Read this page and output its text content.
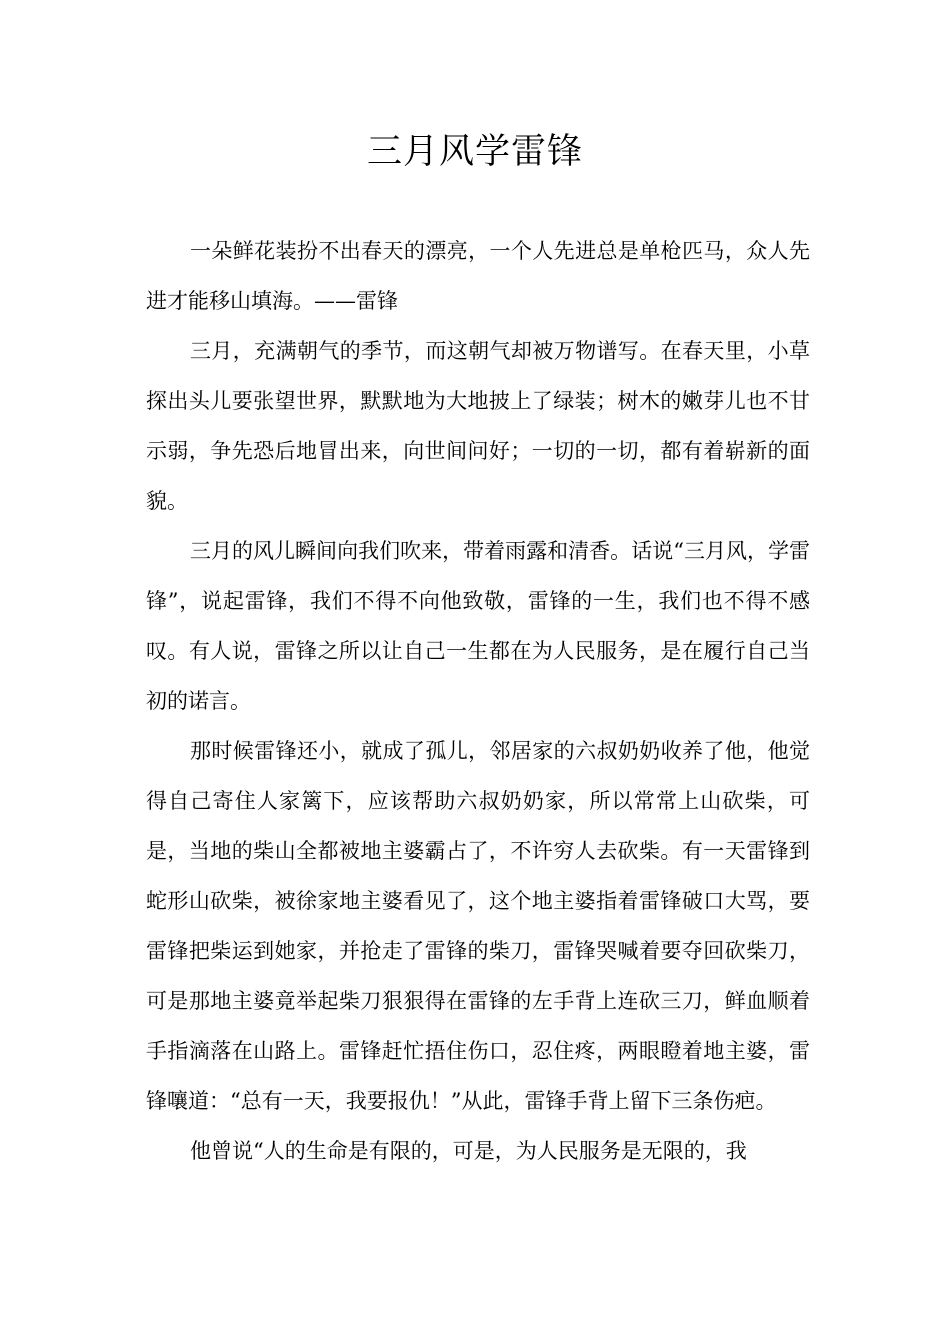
三月风学雷锋

一朵鲜花装扮不出春天的漂亮，一个人先进总是单枪匹马，众人先进才能移山填海。——雷锋

三月，充满朝气的季节，而这朝气却被万物谱写。在春天里，小草探出头儿要张望世界，默默地为大地披上了绿装；树木的嫩芽儿也不甘示弱，争先恐后地冒出来，向世间问好；一切的一切，都有着崭新的面貌。

三月的风儿瞬间向我们吹来，带着雨露和清香。话说“三月风，学雷锋”，说起雷锋，我们不得不向他致敬，雷锋的一生，我们也不得不感叹。有人说，雷锋之所以让自己一生都在为人民服务，是在履行自己当初的诺言。

那时候雷锋还小，就成了孤儿，邻居家的六叔奶奶收养了他，他觉得自己寄住人家篱下，应该帮助六叔奶奶家，所以常常上山砍柴，可是，当地的柴山全都被地主婆霸占了，不许穷人去砍柴。有一天雷锋到蛇形山砍柴，被徐家地主婆看见了，这个地主婆指着雷锋破口大骂，要雷锋把柴运到她家，并抢走了雷锋的柴刀，雷锋哭喊着要夺回砍柴刀，可是那地主婆竟举起柴刀狠狠得在雷锋的左手背上连砍三刀，鲜血顺着手指滴落在山路上。雷锋赶忙捂住伤口，忍住疼，两眼瞪着地主婆，雷锋嚷道：“总有一天，我要报仇！”从此，雷锋手背上留下三条伤疤。

他曾说“人的生命是有限的，可是，为人民服务是无限的，我
